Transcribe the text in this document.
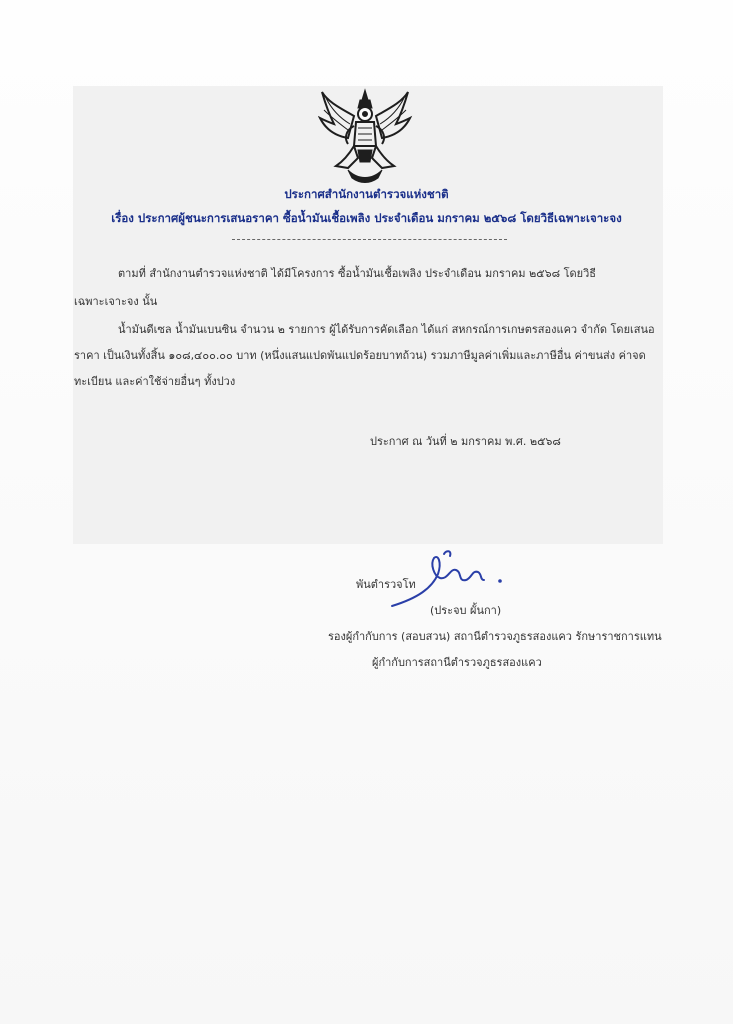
ประกาศสำนักงานตำรวจแห่งชาติ
เรื่อง ประกาศผู้ชนะการเสนอราคา ซื้อน้ำมันเชื้อเพลิง ประจำเดือน มกราคม ๒๕๖๘ โดยวิธีเฉพาะเจาะจง
ตามที่ สำนักงานตำรวจแห่งชาติ ได้มีโครงการ ซื้อน้ำมันเชื้อเพลิง ประจำเดือน มกราคม ๒๕๖๘ โดยวิธี
เฉพาะเจาะจง นั้น
น้ำมันดีเซล น้ำมันเบนซิน จำนวน ๒ รายการ ผู้ได้รับการคัดเลือก ได้แก่ สหกรณ์การเกษตรสองแคว จำกัด โดยเสนอ
ราคา เป็นเงินทั้งสิ้น ๑๐๘,๔๐๐.๐๐ บาท (หนึ่งแสนแปดพันแปดร้อยบาทถ้วน) รวมภาษีมูลค่าเพิ่มและภาษีอื่น ค่าขนส่ง ค่าจด
ทะเบียน และค่าใช้จ่ายอื่นๆ ทั้งปวง
ประกาศ ณ วันที่ ๒ มกราคม พ.ศ. ๒๕๖๘
พันตำรวจโท
(ประจบ ผั้นกา)
รองผู้กำกับการ (สอบสวน) สถานีตำรวจภูธรสองแคว รักษาราชการแทน
ผู้กำกับการสถานีตำรวจภูธรสองแคว
